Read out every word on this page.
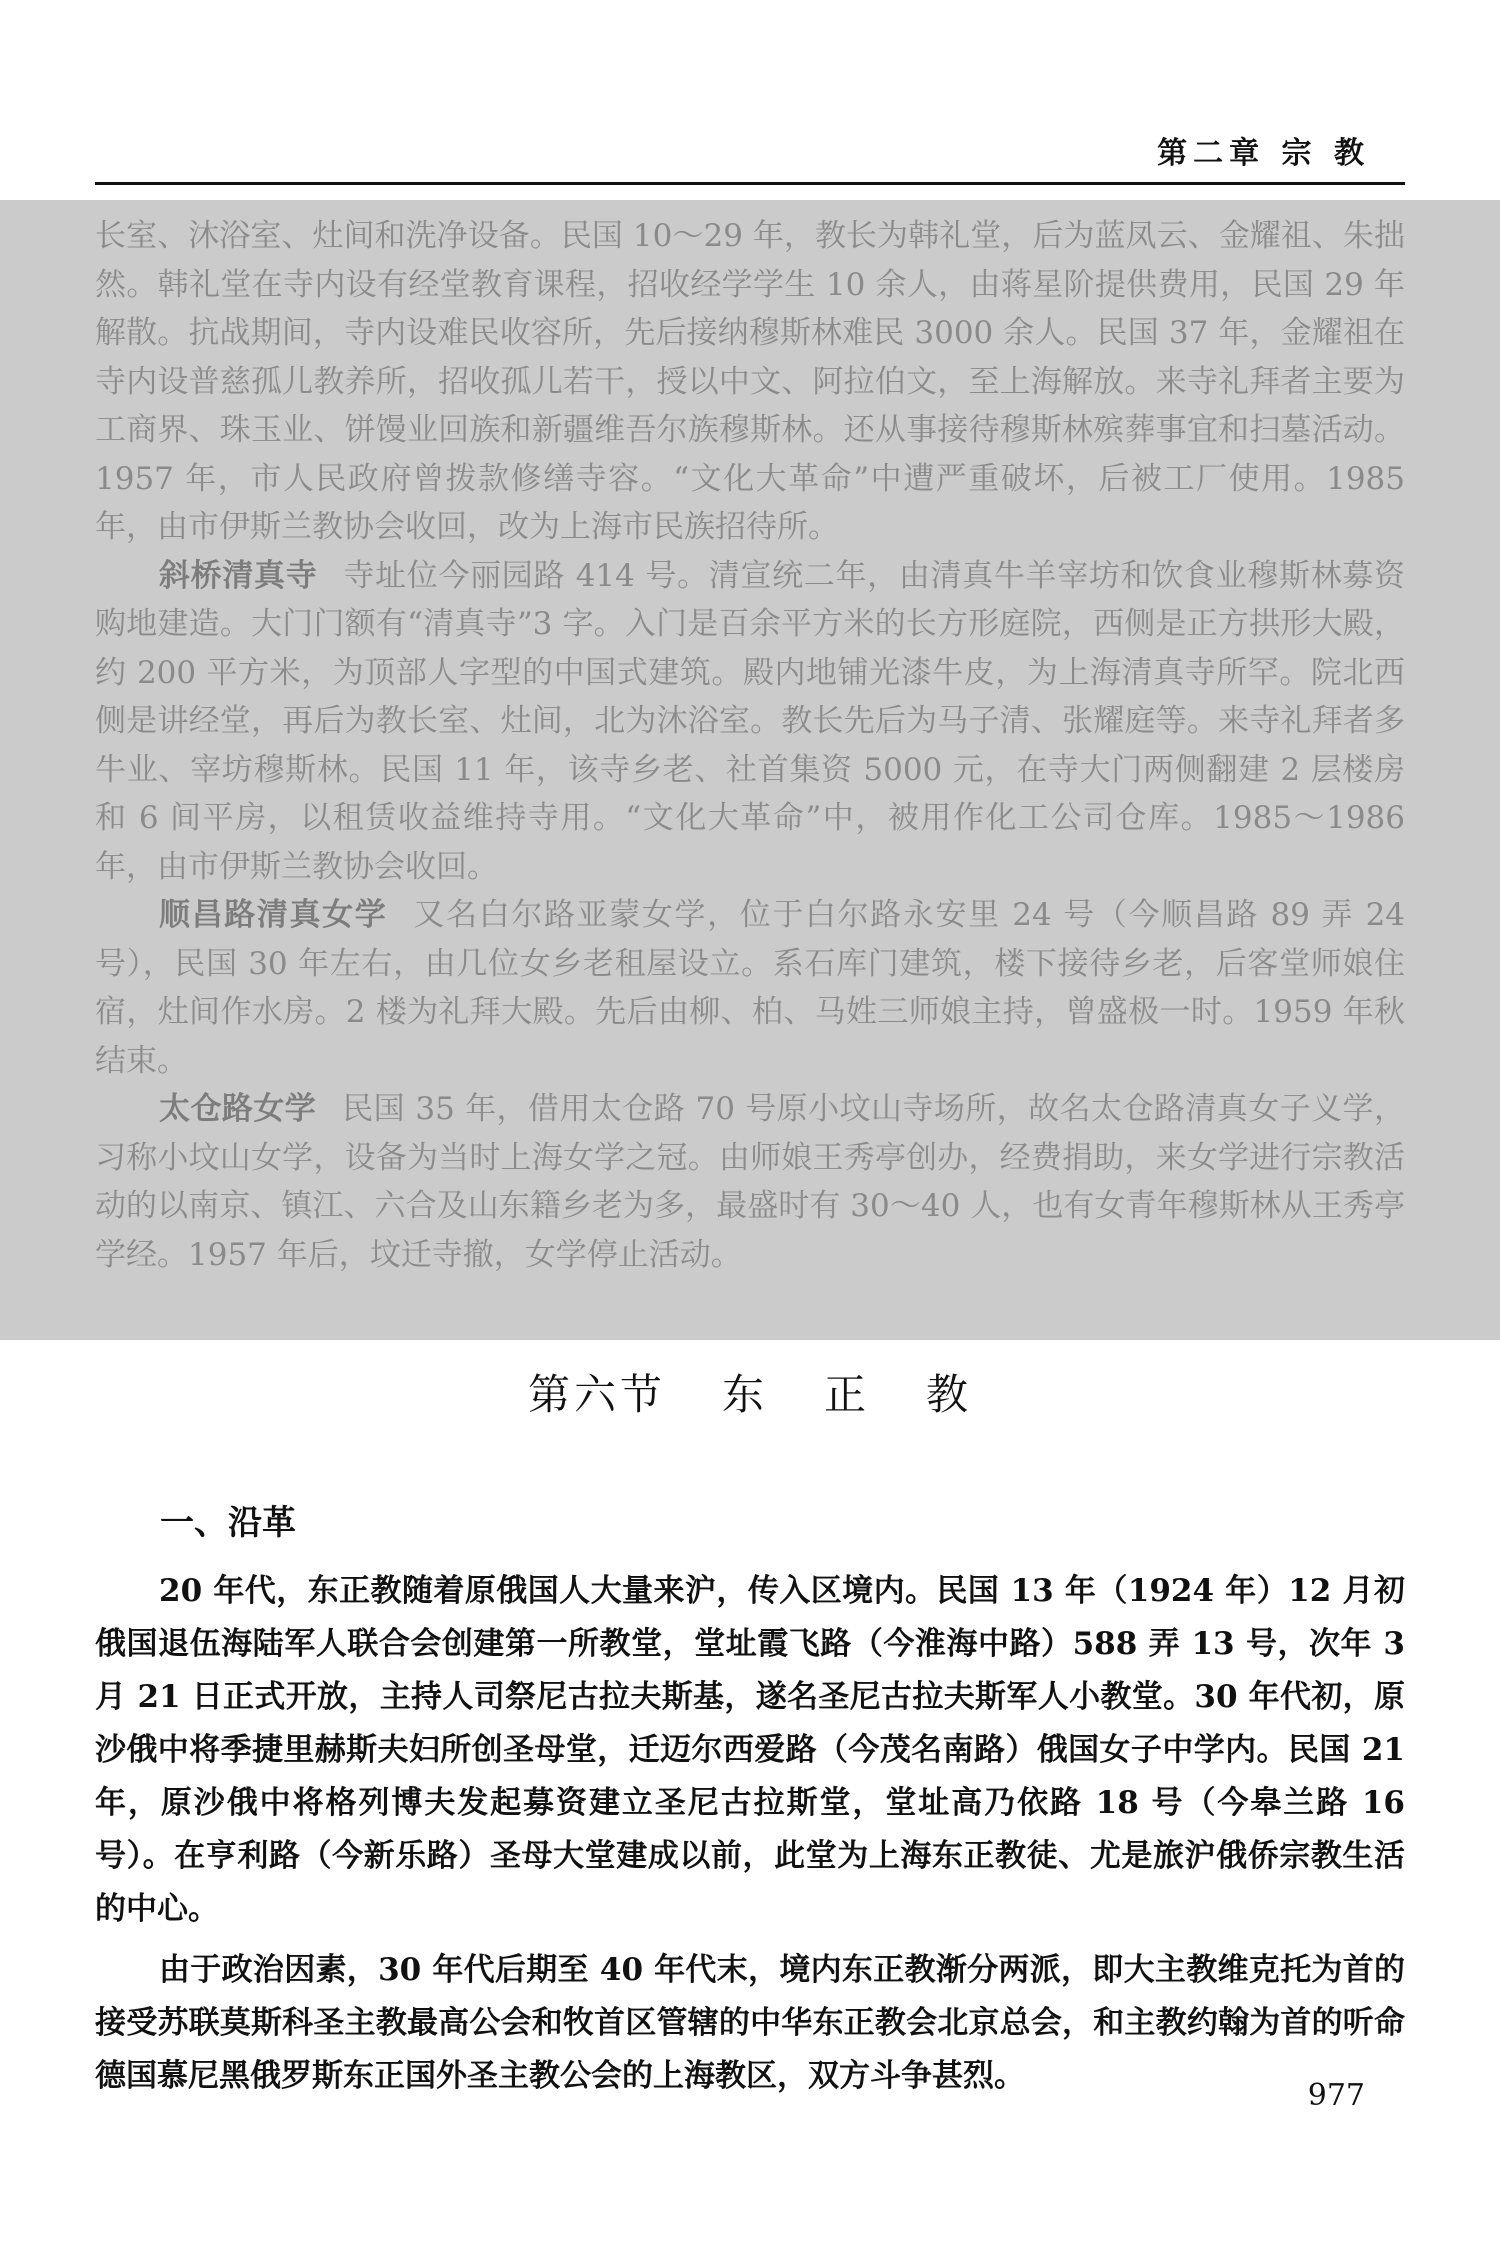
第二章 宗 教

长室、沐浴室、灶间和洗净设备。民国 10～29 年，教长为韩礼堂，后为蓝凤云、金耀祖、朱拙然。韩礼堂在寺内设有经堂教育课程，招收经学学生 10 余人，由蒋星阶提供费用，民国 29 年解散。抗战期间，寺内设难民收容所，先后接纳穆斯林难民 3000 余人。民国 37 年，金耀祖在寺内设普慈孤儿教养所，招收孤儿若干，授以中文、阿拉伯文，至上海解放。来寺礼拜者主要为工商界、珠玉业、饼馒业回族和新疆维吾尔族穆斯林。还从事接待穆斯林殡葬事宜和扫墓活动。1957 年，市人民政府曾拨款修缮寺容。“文化大革命”中遭严重破坏，后被工厂使用。1985 年，由市伊斯兰教协会收回，改为上海市民族招待所。

斜桥清真寺 寺址位今丽园路 414 号。清宣统二年，由清真牛羊宰坊和饮食业穆斯林募资购地建造。大门门额有“清真寺”3 字。入门是百余平方米的长方形庭院，西侧是正方拱形大殿，约 200 平方米，为顶部人字型的中国式建筑。殿内地铺光漆牛皮，为上海清真寺所罕。院北西侧是讲经堂，再后为教长室、灶间，北为沐浴室。教长先后为马子清、张耀庭等。来寺礼拜者多牛业、宰坊穆斯林。民国 11 年，该寺乡老、社首集资 5000 元，在寺大门两侧翻建 2 层楼房和 6 间平房，以租赁收益维持寺用。“文化大革命”中，被用作化工公司仓库。1985～1986 年，由市伊斯兰教协会收回。

顺昌路清真女学 又名白尔路亚蒙女学，位于白尔路永安里 24 号（今顺昌路 89 弄 24 号），民国 30 年左右，由几位女乡老租屋设立。系石库门建筑，楼下接待乡老，后客堂师娘住宿，灶间作水房。2 楼为礼拜大殿。先后由柳、柏、马姓三师娘主持，曾盛极一时。1959 年秋结束。

太仓路女学 民国 35 年，借用太仓路 70 号原小坟山寺场所，故名太仓路清真女子义学，习称小坟山女学，设备为当时上海女学之冠。由师娘王秀亭创办，经费捐助，来女学进行宗教活动的以南京、镇江、六合及山东籍乡老为多，最盛时有 30～40 人，也有女青年穆斯林从王秀亭学经。1957 年后，坟迁寺撤，女学停止活动。

第六节 东 正 教
一、沿革

20 年代，东正教随着原俄国人大量来沪，传入区境内。民国 13 年（1924 年）12 月初俄国退伍海陆军人联合会创建第一所教堂，堂址霞飞路（今淮海中路）588 弄 13 号，次年 3 月 21 日正式开放，主持人司祭尼古拉夫斯基，遂名圣尼古拉夫斯军人小教堂。30 年代初，原沙俄中将季捷里赫斯夫妇所创圣母堂，迁迈尔西爱路（今茂名南路）俄国女子中学内。民国 21 年，原沙俄中将格列博夫发起募资建立圣尼古拉斯堂，堂址高乃依路 18 号（今皋兰路 16 号）。在亨利路（今新乐路）圣母大堂建成以前，此堂为上海东正教徒、尤是旅沪俄侨宗教生活的中心。

由于政治因素，30 年代后期至 40 年代末，境内东正教渐分两派，即大主教维克托为首的接受苏联莫斯科圣主教最高公会和牧首区管辖的中华东正教会北京总会，和主教约翰为首的听命德国慕尼黑俄罗斯东正国外圣主教公会的上海教区，双方斗争甚烈。

977
